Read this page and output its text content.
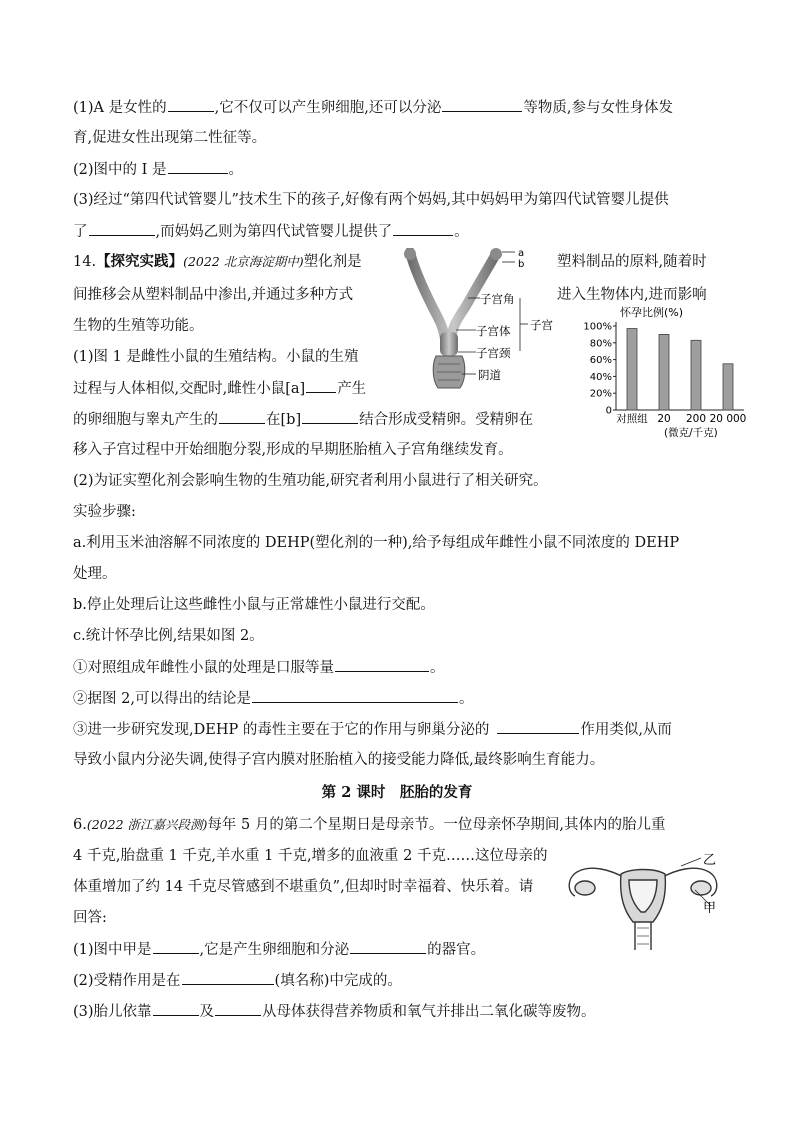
(1)A 是女性的	,它不仅可以产生卵细胞,还可以分泌	等物质,参与女性身体发
育,促进女性出现第二性征等。
(2)图中的 I 是	。
(3)经过“第四代试管婴儿”技术生下的孩子,好像有两个妈妈,其中妈妈甲为第四代试管婴儿提供
了	,而妈妈乙则为第四代试管婴儿提供了	。
14.【探究实践】(2022 北京海淀期中)塑化剂是	塑料制品的原料,随着时
间推移会从塑料制品中渗出,并通过多种方式	进入生物体内,进而影响
生物的生殖等功能。
(1)图 1 是雌性小鼠的生殖结构。小鼠的生殖
过程与人体相似,交配时,雌性小鼠[a] 产生
的卵细胞与睾丸产生的	在[b]	结合形成受精卵。受精卵在
移入子宫过程中开始细胞分裂,形成的早期胚胎植入子宫角继续发育。
(2)为证实塑化剂会影响生物的生殖功能,研究者利用小鼠进行了相关研究。
实验步骤:
a.利用玉米油溶解不同浓度的 DEHP(塑化剂的一种),给予每组成年雌性小鼠不同浓度的 DEHP
处理。
b.停止处理后让这些雌性小鼠与正常雄性小鼠进行交配。
c.统计怀孕比例,结果如图 2。
①对照组成年雌性小鼠的处理是口服等量	。
②据图 2,可以得出的结论是	。
③进一步研究发现,DEHP 的毒性主要在于它的作用与卵巢分泌的	作用类似,从而
导致小鼠内分泌失调,使得子宫内膜对胚胎植入的接受能力降低,最终影响生育能力。
a
b
子宫角
子宫体
子宫颈
阴道
子宫
怀孕比例(%)
0
20%
40%
60%
80%
100%
对照组 20 200 20 000
(微克/千克)
第 2 课时　胚胎的发育
6.(2022 浙江嘉兴段测)每年 5 月的第二个星期日是母亲节。一位母亲怀孕期间,其体内的胎儿重
4 千克,胎盘重 1 千克,羊水重 1 千克,增多的血液重 2 千克……这位母亲的
体重增加了约 14 千克尽管感到不堪重负”,但却时时幸福着、快乐着。请
回答:
(1)图中甲是	,它是产生卵细胞和分泌	的器官。
(2)受精作用是在	(填名称)中完成的。
(3)胎儿依靠	及	从母体获得营养物质和氧气并排出二氧化碳等废物。
乙
甲
